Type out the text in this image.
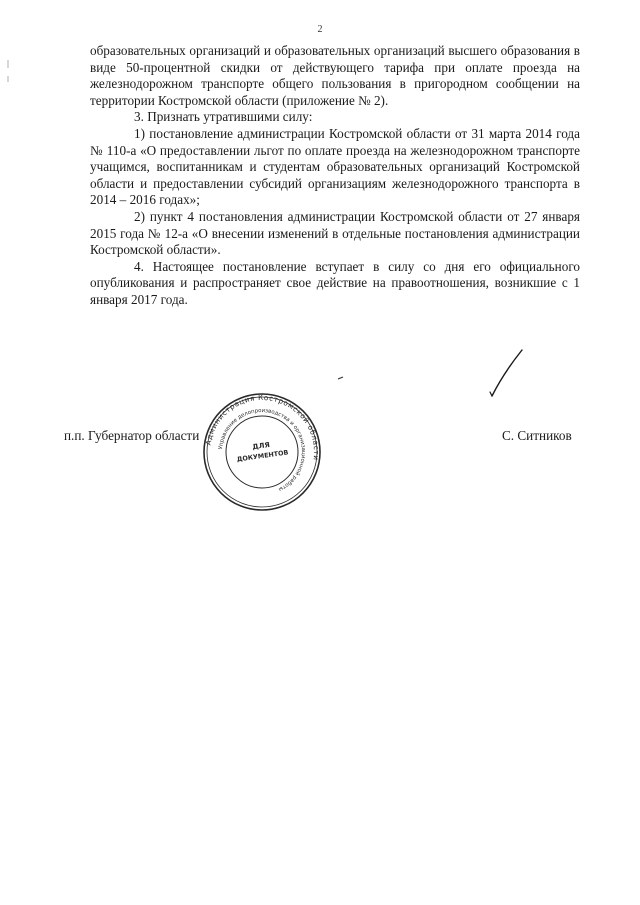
2

образовательных организаций и образовательных организаций высшего образования в виде 50-процентной скидки от действующего тарифа при оплате проезда на железнодорожном транспорте общего пользования в пригородном сообщении на территории Костромской области (приложение № 2).

3. Признать утратившими силу:

1) постановление администрации Костромской области от 31 марта 2014 года № 110-а «О предоставлении льгот по оплате проезда на железнодорожном транспорте учащимся, воспитанникам и студентам образовательных организаций Костромской области и предоставлении субсидий организациям железнодорожного транспорта в 2014 – 2016 годах»;

2) пункт 4 постановления администрации Костромской области от 27 января 2015 года № 12-а «О внесении изменений в отдельные постановления администрации Костромской области».

4. Настоящее постановление вступает в силу со дня его официального опубликования и распространяет свое действие на правоотношения, возникшие с 1 января 2017 года.

п.п. Губернатор области	С. Ситников
Администрация Костромской области
Управление делопроизводства и организационной работы
ДЛЯ
ДОКУМЕНТОВ
